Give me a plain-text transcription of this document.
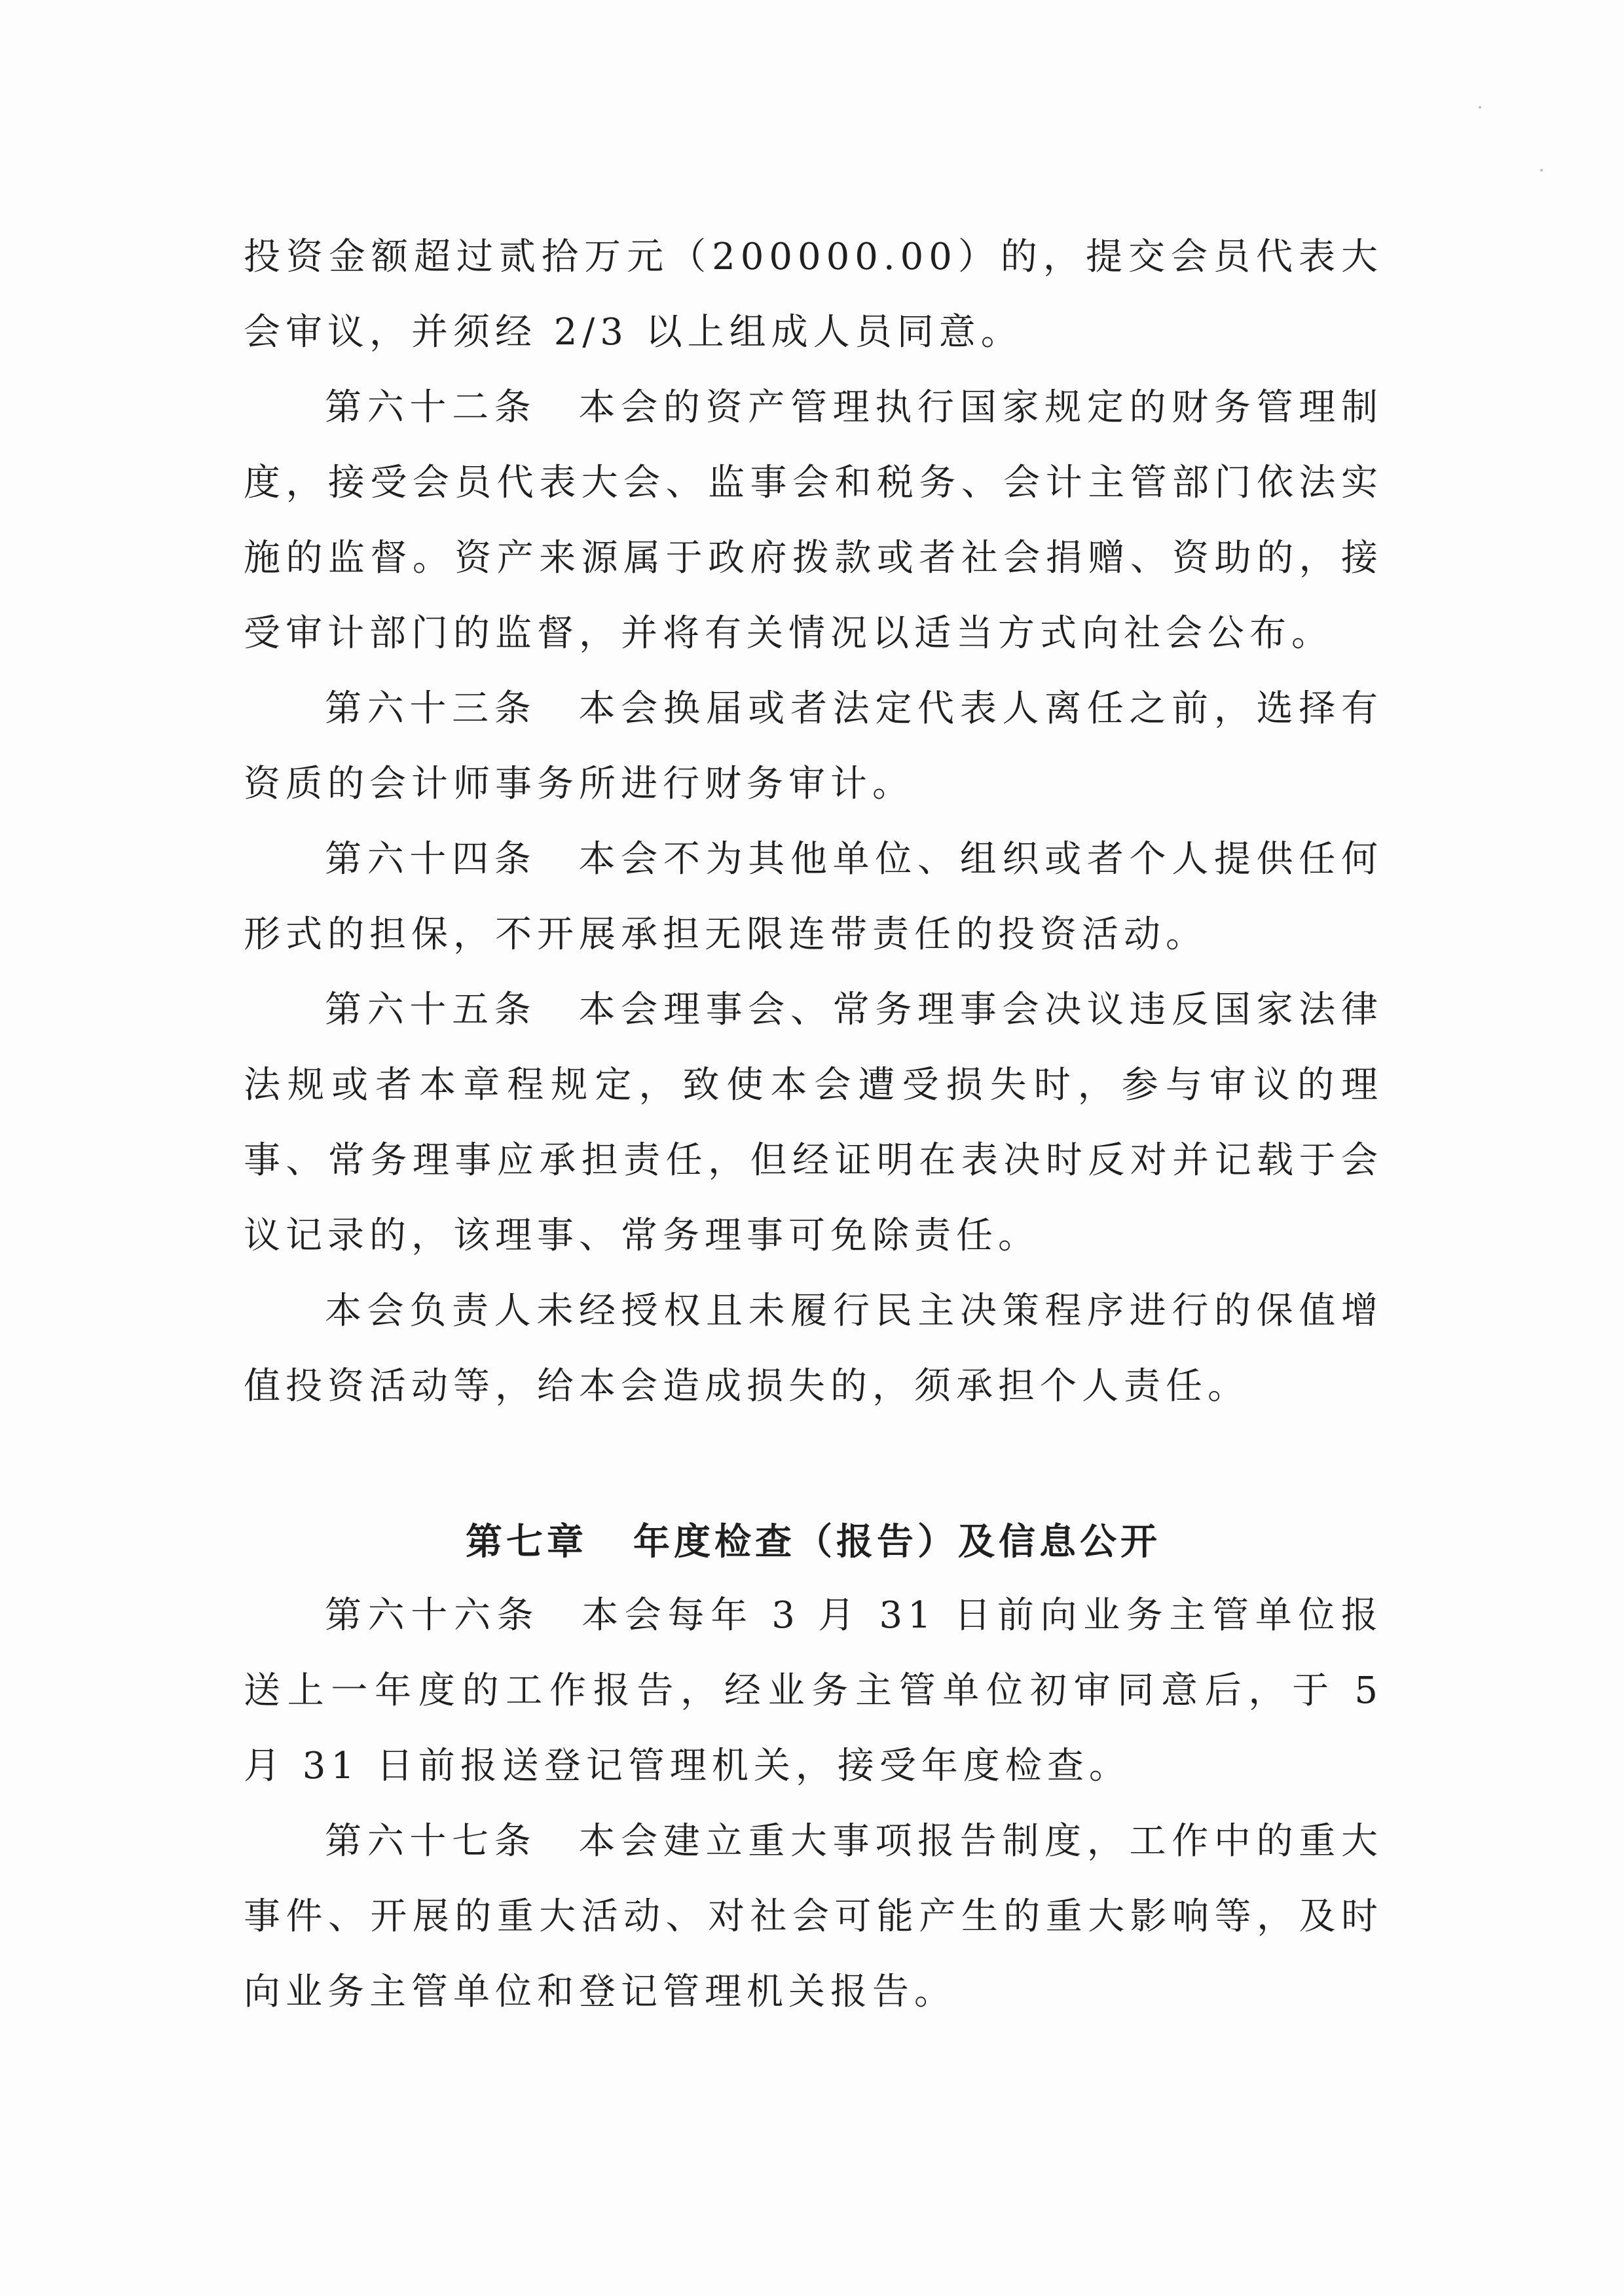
投资金额超过贰拾万元（200000.00）的，提交会员代表大会审议，并须经 2/3 以上组成人员同意。

第六十二条 本会的资产管理执行国家规定的财务管理制度，接受会员代表大会、监事会和税务、会计主管部门依法实施的监督。资产来源属于政府拨款或者社会捐赠、资助的，接受审计部门的监督，并将有关情况以适当方式向社会公布。

第六十三条 本会换届或者法定代表人离任之前，选择有资质的会计师事务所进行财务审计。

第六十四条 本会不为其他单位、组织或者个人提供任何形式的担保，不开展承担无限连带责任的投资活动。

第六十五条 本会理事会、常务理事会决议违反国家法律法规或者本章程规定，致使本会遭受损失时，参与审议的理事、常务理事应承担责任，但经证明在表决时反对并记载于会议记录的，该理事、常务理事可免除责任。

本会负责人未经授权且未履行民主决策程序进行的保值增值投资活动等，给本会造成损失的，须承担个人责任。

第七章 年度检查（报告）及信息公开

第六十六条 本会每年 3 月 31 日前向业务主管单位报送上一年度的工作报告，经业务主管单位初审同意后，于 5 月 31 日前报送登记管理机关，接受年度检查。

第六十七条 本会建立重大事项报告制度，工作中的重大事件、开展的重大活动、对社会可能产生的重大影响等，及时向业务主管单位和登记管理机关报告。
